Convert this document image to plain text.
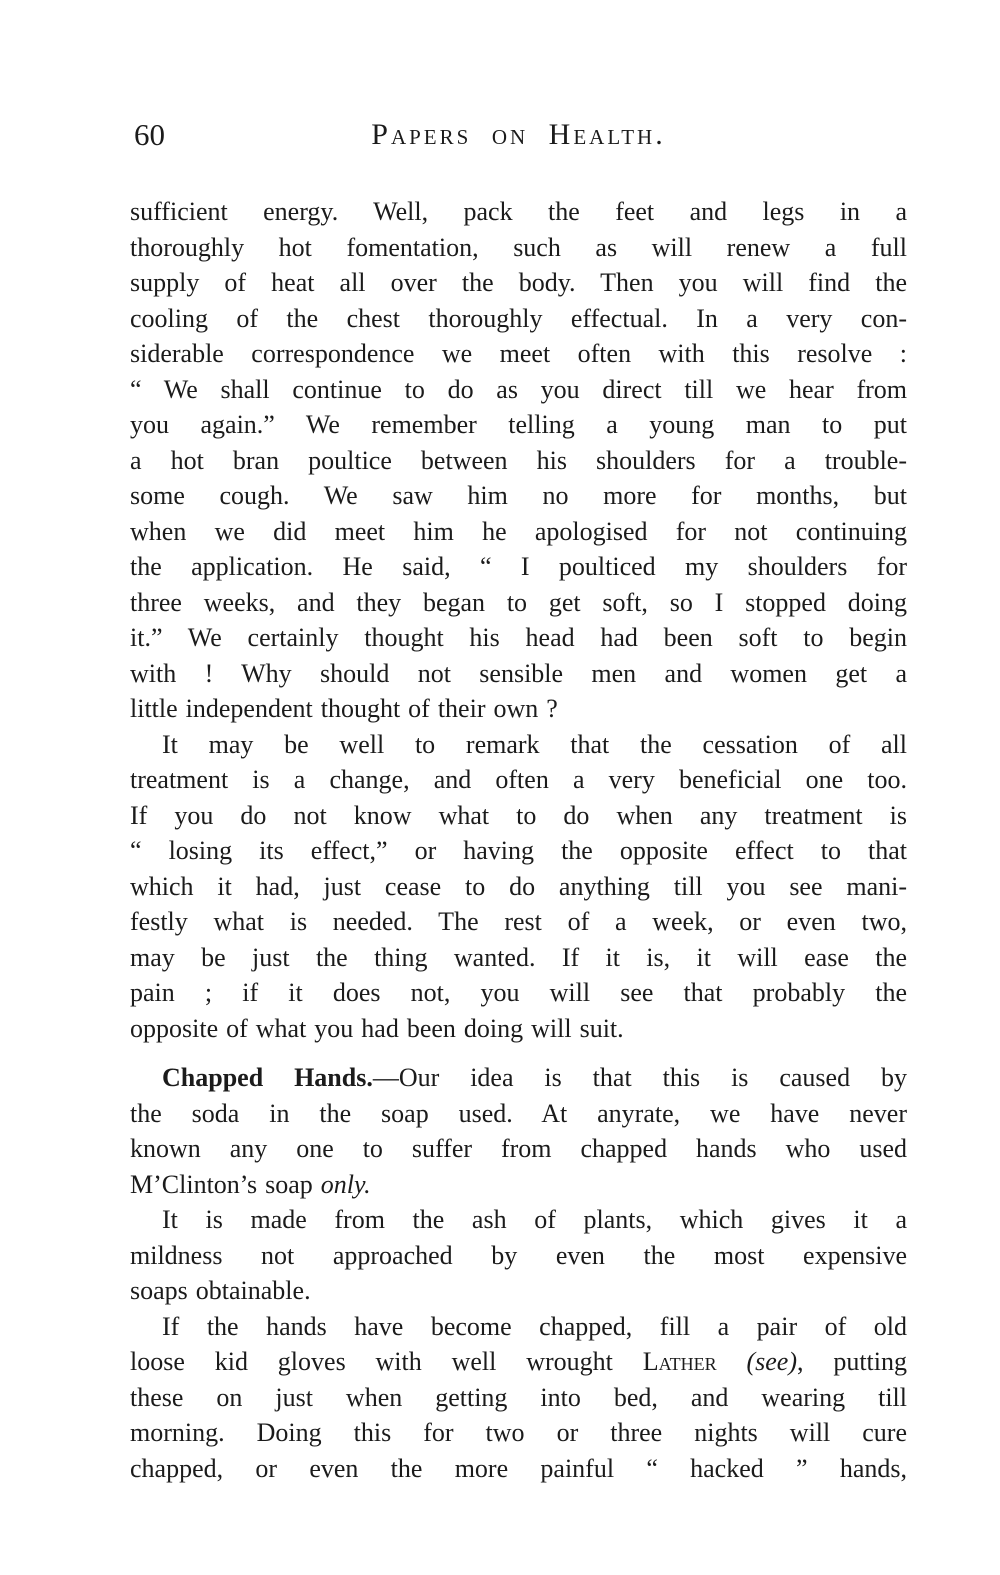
60	Papers on Health.
sufficient energy. Well, pack the feet and legs in a
thoroughly hot fomentation, such as will renew a full
supply of heat all over the body. Then you will find the
cooling of the chest thoroughly effectual. In a very con-
siderable correspondence we meet often with this resolve :
“ We shall continue to do as you direct till we hear from
you again.” We remember telling a young man to put
a hot bran poultice between his shoulders for a trouble-
some cough. We saw him no more for months, but
when we did meet him he apologised for not continuing
the application. He said, “ I poulticed my shoulders for
three weeks, and they began to get soft, so I stopped doing
it.” We certainly thought his head had been soft to begin
with ! Why should not sensible men and women get a
little independent thought of their own ?
It may be well to remark that the cessation of all
treatment is a change, and often a very beneficial one too.
If you do not know what to do when any treatment is
“ losing its effect,” or having the opposite effect to that
which it had, just cease to do anything till you see mani-
festly what is needed. The rest of a week, or even two,
may be just the thing wanted. If it is, it will ease the
pain ; if it does not, you will see that probably the
opposite of what you had been doing will suit.
Chapped Hands.—Our idea is that this is caused by
the soda in the soap used. At anyrate, we have never
known any one to suffer from chapped hands who used
M’Clinton’s soap only.
It is made from the ash of plants, which gives it a
mildness not approached by even the most expensive
soaps obtainable.
If the hands have become chapped, fill a pair of old
loose kid gloves with well wrought Lather (see), putting
these on just when getting into bed, and wearing till
morning. Doing this for two or three nights will cure
chapped, or even the more painful “ hacked ” hands,
